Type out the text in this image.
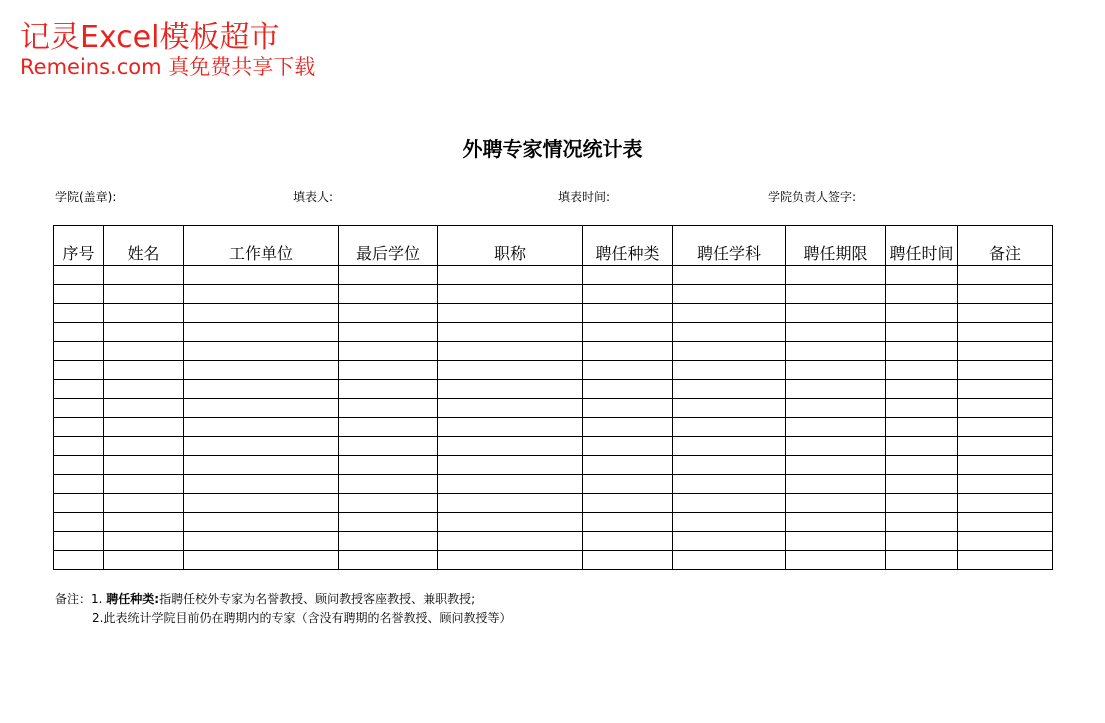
记灵Excel模板超市
Remeins.com 真免费共享下载
外聘专家情况统计表
学院(盖章):	填表人:	填表时间:	学院负责人签字:
序号	姓名	工作单位	最后学位	职称	聘任种类	聘任学科	聘任期限	聘任时间	备注

备注：1. 聘任种类:指聘任校外专家为名誉教授、顾问教授客座教授、兼职教授;
2.此表统计学院目前仍在聘期内的专家（含没有聘期的名誉教授、顾问教授等）
